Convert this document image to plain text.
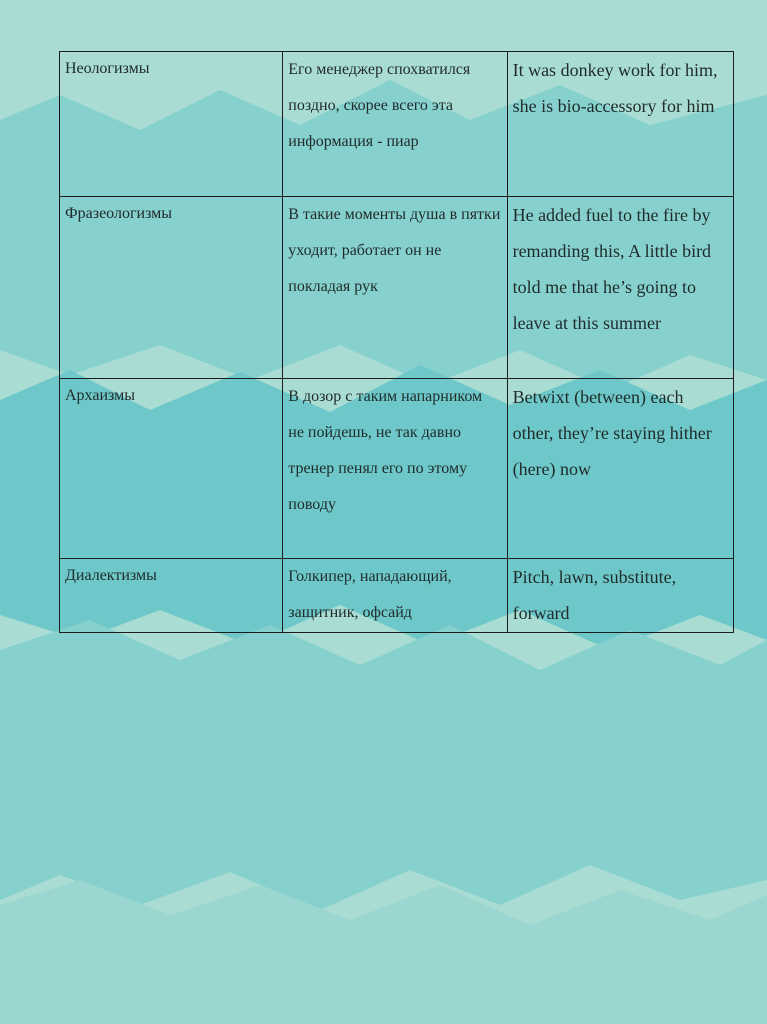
Неологизмы	Его менеджер спохватился поздно, скорее всего эта информация - пиар	It was donkey work for him, she is bio-accessory for him

Фразеологизмы	В такие моменты душа в пятки уходит, работает он не покладая рук	He added fuel to the fire by remanding this, A little bird told me that he’s going to leave at this summer

Архаизмы	В дозор с таким напарником не пойдешь, не так давно тренер пенял его по этому поводу	Betwixt (between) each other, they’re staying hither (here) now

Диалектизмы	Голкипер, нападающий, защитник, офсайд	Pitch, lawn, substitute, forward
